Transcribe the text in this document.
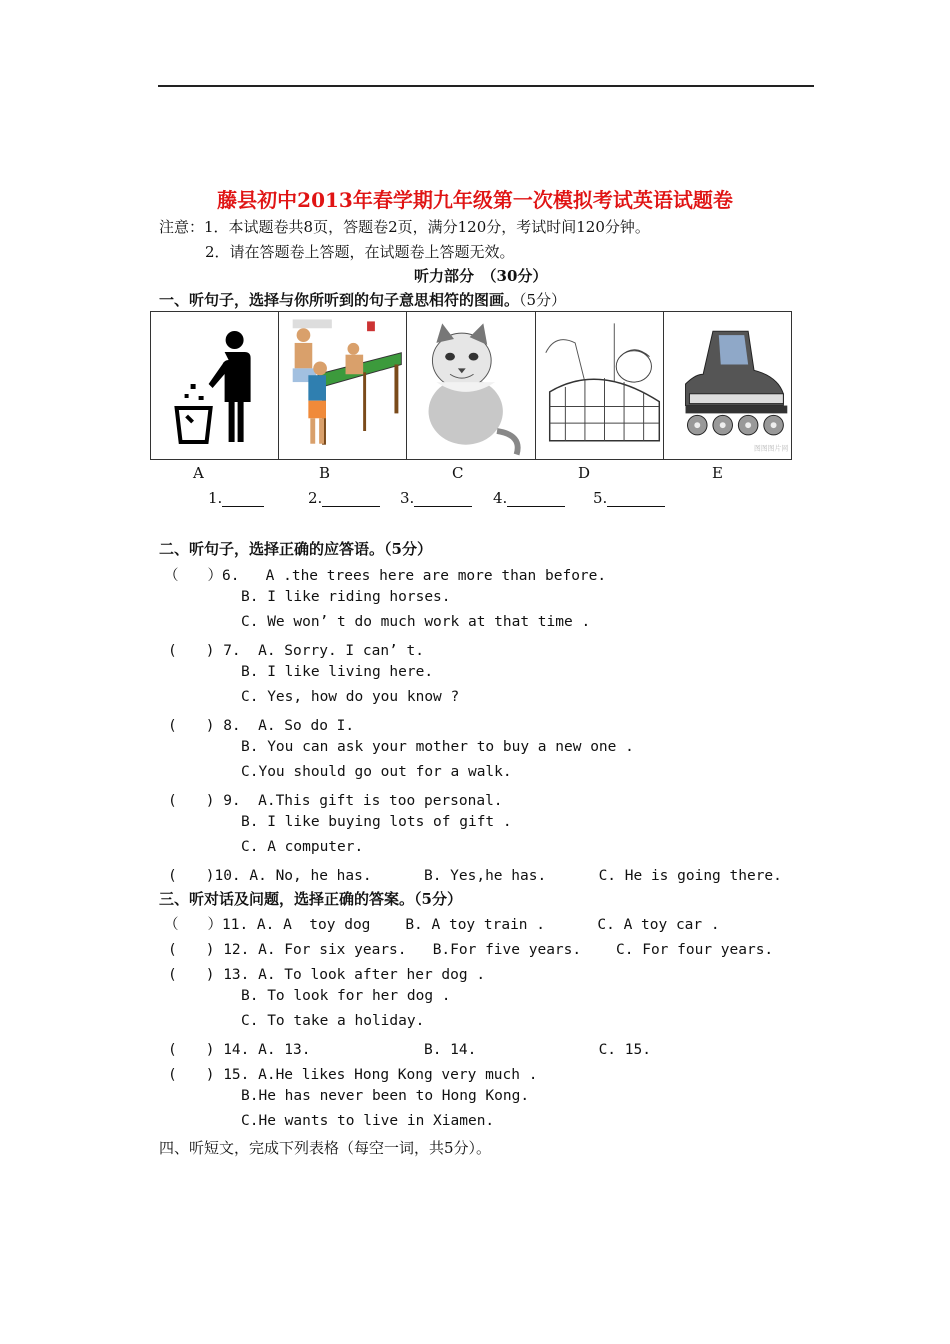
藤县初中2013年春学期九年级第一次模拟考试英语试题卷
注意：1．本试题卷共8页，答题卷2页，满分120分，考试时间120分钟。
2．请在答题卷上答题，在试题卷上答题无效。
听力部分　（30分）
一、听句子，选择与你所听到的句子意思相符的图画。（5分）
图图图片网
A	B	C	D	E
1.	2.	3.	4.	5.
二、听句子，选择正确的应答语。（5分）
（　　）6.   A .the trees here are more than before.
B. I like riding horses.
C. We won’ t do much work at that time .
(　　) 7.  A. Sorry. I can’ t.
B. I like living here.
C. Yes, how do you know ?
(　　) 8.  A. So do I.
B. You can ask your mother to buy a new one .
C.You should go out for a walk.
(　　) 9.  A.This gift is too personal.
B. I like buying lots of gift .
C. A computer.
(　　)10. A. No, he has.      B. Yes,he has.      C. He is going there.
三、听对话及问题，选择正确的答案。（5分）
（　　）11. A. A  toy dog    B. A toy train .      C. A toy car .
(　　) 12. A. For six years.   B.For five years.    C. For four years.
(　　) 13. A. To look after her dog .
B. To look for her dog .
C. To take a holiday.
(　　) 14. A. 13.             B. 14.              C. 15.
(　　) 15. A.He likes Hong Kong very much .
B.He has never been to Hong Kong.
C.He wants to live in Xiamen.
四、听短文，完成下列表格（每空一词，共5分）。
